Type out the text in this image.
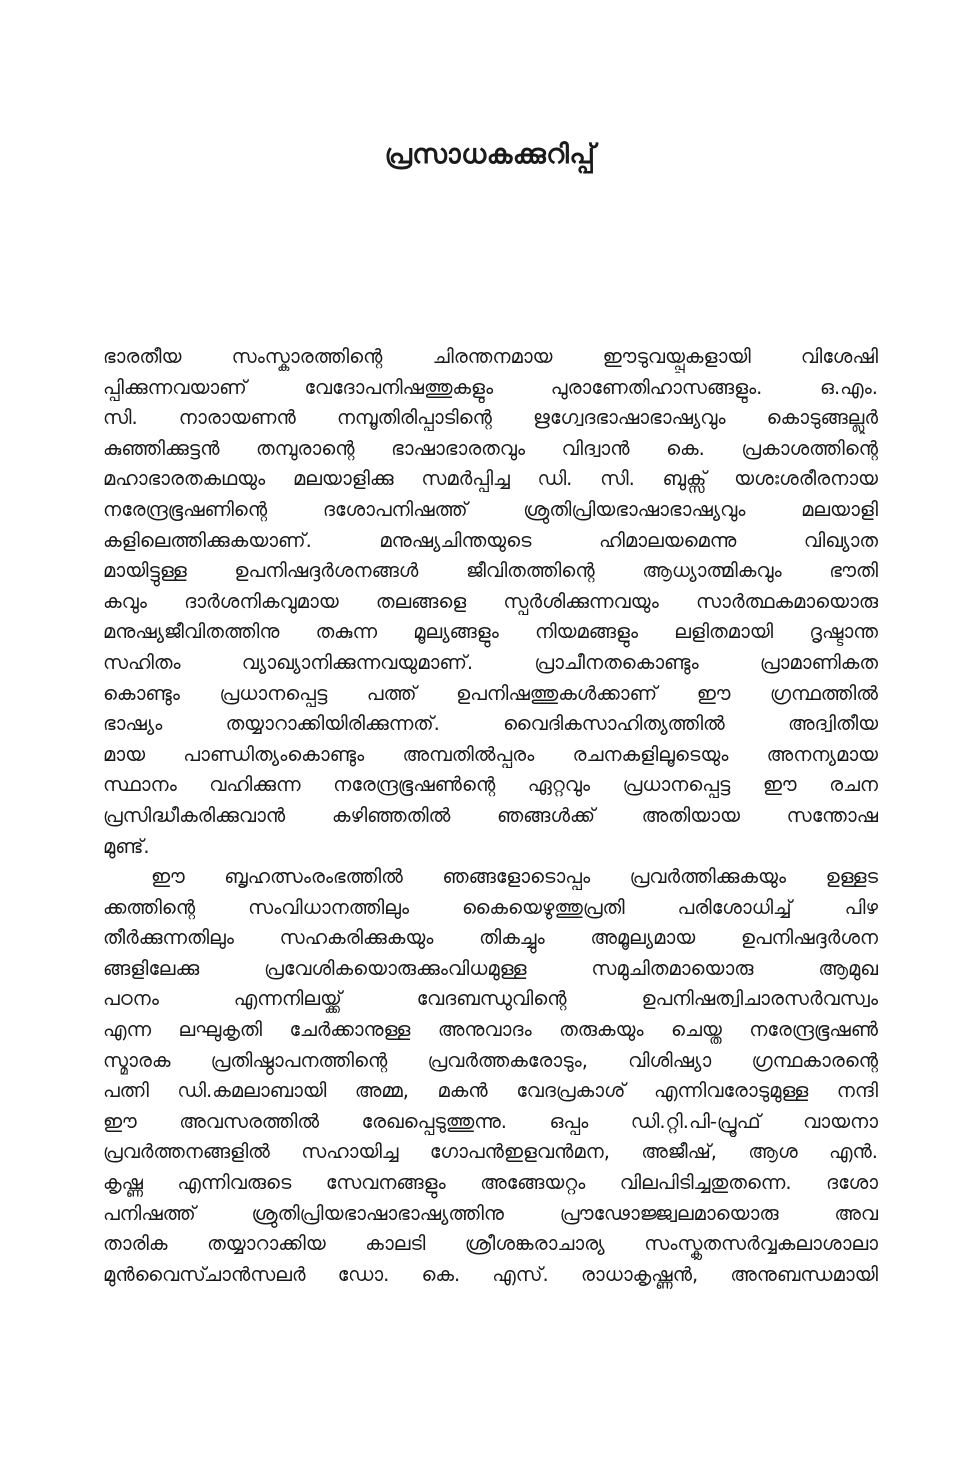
പ്രസാധകക്കുറിപ്പ്
ഭാരതീയ സംസ്കാരത്തിന്റെ ചിരന്തനമായ ഈടുവയ്പ്പുകളായി വിശേഷി
പ്പിക്കുന്നവയാണ് വേദോപനിഷത്തുകളും പുരാണേതിഹാസങ്ങളും. ഒ.എം.
സി. നാരായണൻ നമ്പൂതിരിപ്പാടിന്റെ ഋഗ്വേദഭാഷാഭാഷ്യവും കൊടുങ്ങല്ലൂർ
കുഞ്ഞിക്കുട്ടൻ തമ്പുരാന്റെ ഭാഷാഭാരതവും വിദ്വാൻ കെ. പ്രകാശത്തിന്റെ
മഹാഭാരതകഥയും മലയാളിക്കു സമർപ്പിച്ച ഡി. സി. ബുക്സ് യശഃശരീരനായ
നരേന്ദ്രഭൂഷണിന്റെ ദശോപനിഷത്ത് ശ്രുതിപ്രിയഭാഷാഭാഷ്യവും മലയാളി
കളിലെത്തിക്കുകയാണ്. മനുഷ്യചിന്തയുടെ ഹിമാലയമെന്നു വിഖ്യാത
മായിട്ടുള്ള ഉപനിഷദ്ദർശനങ്ങൾ ജീവിതത്തിന്റെ ആധ്യാത്മികവും ഭൗതി
കവും ദാർശനികവുമായ തലങ്ങളെ സ്പർശിക്കുന്നവയും സാർത്ഥകമായൊരു
മനുഷ്യജീവിതത്തിനു തകുന്ന മൂല്യങ്ങളും നിയമങ്ങളും ലളിതമായി ദൃഷ്ടാന്ത
സഹിതം വ്യാഖ്യാനിക്കുന്നവയുമാണ്. പ്രാചീനതകൊണ്ടും പ്രാമാണികത
കൊണ്ടും പ്രധാനപ്പെട്ട പത്ത് ഉപനിഷത്തുകൾക്കാണ് ഈ ഗ്രന്ഥത്തിൽ
ഭാഷ്യം തയ്യാറാക്കിയിരിക്കുന്നത്. വൈദികസാഹിത്യത്തിൽ അദ്വിതീയ
മായ പാണ്ഡിത്യംകൊണ്ടും അമ്പതിൽപ്പരം രചനകളിലൂടെയും അനന്യമായ
സ്ഥാനം വഹിക്കുന്ന നരേന്ദ്രഭൂഷൺന്റെ ഏറ്റവും പ്രധാനപ്പെട്ട ഈ രചന
പ്രസിദ്ധീകരിക്കുവാൻ കഴിഞ്ഞതിൽ ഞങ്ങൾക്ക് അതിയായ സന്തോഷ
മുണ്ട്.
ഈ ബൃഹത്സംരംഭത്തിൽ ഞങ്ങളോടൊപ്പം പ്രവർത്തിക്കുകയും ഉള്ളട
ക്കത്തിന്റെ സംവിധാനത്തിലും കൈയെഴുത്തുപ്രതി പരിശോധിച്ച് പിഴ
തീർക്കുന്നതിലും സഹകരിക്കുകയും തികച്ചും അമൂല്യമായ ഉപനിഷദ്ദർശന
ങ്ങളിലേക്കു പ്രവേശികയൊരുക്കുംവിധമുള്ള സമുചിതമായൊരു ആമുഖ
പഠനം എന്നനിലയ്ക്ക് വേദബന്ധുവിന്റെ ഉപനിഷത്വിചാരസർവസ്വം
എന്ന ലഘുകൃതി ചേർക്കാനുള്ള അനുവാദം തരുകയും ചെയ്ത നരേന്ദ്രഭൂഷൺ
സ്മാരക പ്രതിഷ്ഠാപനത്തിന്റെ പ്രവർത്തകരോടും, വിശിഷ്യാ ഗ്രന്ഥകാരന്റെ
പത്നി ഡി.കമലാബായി അമ്മ, മകൻ വേദപ്രകാശ് എന്നിവരോടുമുള്ള നന്ദി
ഈ അവസരത്തിൽ രേഖപ്പെടുത്തുന്നു. ഒപ്പം ഡി.റ്റി.പി-പ്രൂഫ് വായനാ
പ്രവർത്തനങ്ങളിൽ സഹായിച്ച ഗോപൻഇളവൻമന, അജീഷ്, ആശ എൻ.
കൃഷ്ണ എന്നിവരുടെ സേവനങ്ങളും അങ്ങേയറ്റം വിലപിടിച്ചതുതന്നെ. ദശോ
പനിഷത്ത് ശ്രുതിപ്രിയഭാഷാഭാഷ്യത്തിനു പ്രൗഢോജ്ജ്വലമായൊരു അവ
താരിക തയ്യാറാക്കിയ കാലടി ശ്രീശങ്കരാചാര്യ സംസ്കൃതസർവ്വകലാശാലാ
മുൻവൈസ്ചാൻസലർ ഡോ. കെ. എസ്. രാധാകൃഷ്ണൻ, അനുബന്ധമായി
